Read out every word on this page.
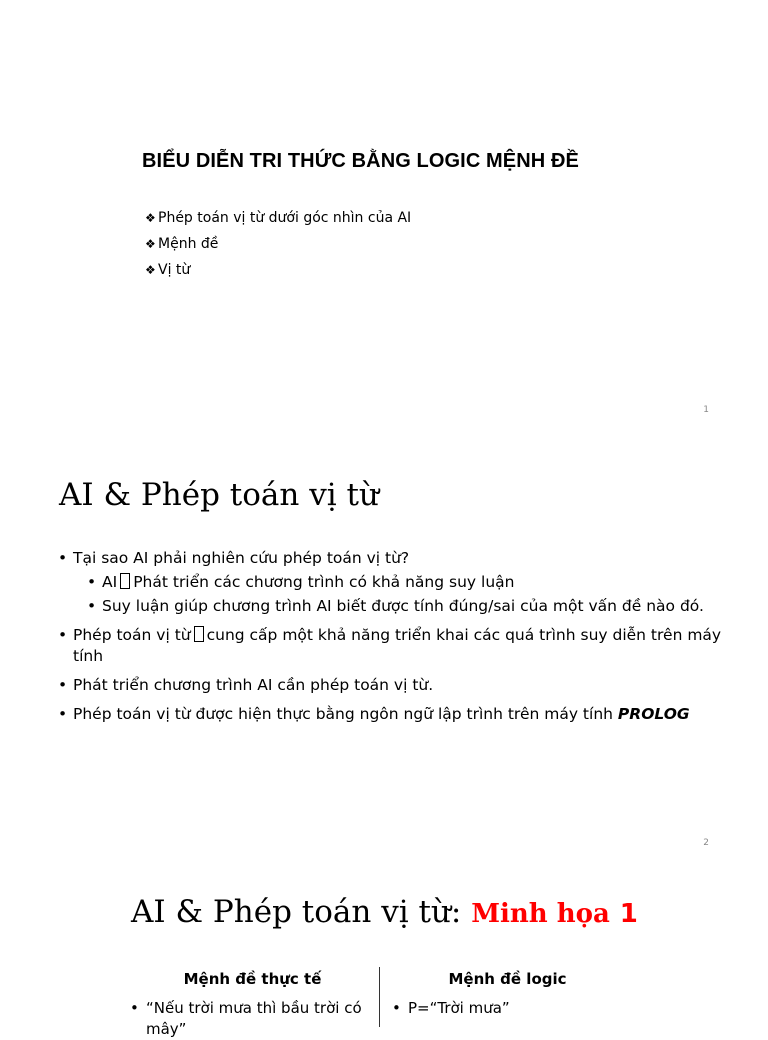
BIỂU DIỄN TRI THỨC BẰNG LOGIC MỆNH ĐỀ
❖ Phép toán vị từ dưới góc nhìn của AI
❖ Mệnh đề
❖ Vị từ
1
AI & Phép toán vị từ
• Tại sao AI phải nghiên cứu phép toán vị từ?
• AI Phát triển các chương trình có khả năng suy luận
• Suy luận giúp chương trình AI biết được tính đúng/sai của một vấn đề nào đó.
• Phép toán vị từ cung cấp một khả năng triển khai các quá trình suy diễn trên máy tính
• Phát triển chương trình AI cần phép toán vị từ.
• Phép toán vị từ được hiện thực bằng ngôn ngữ lập trình trên máy tính PROLOG
2
AI & Phép toán vị từ: Minh họa 1
Mệnh đề thực tế	Mệnh đề logic
• “Nếu trời mưa thì bầu trời có mây”
• P=“Trời mưa”
